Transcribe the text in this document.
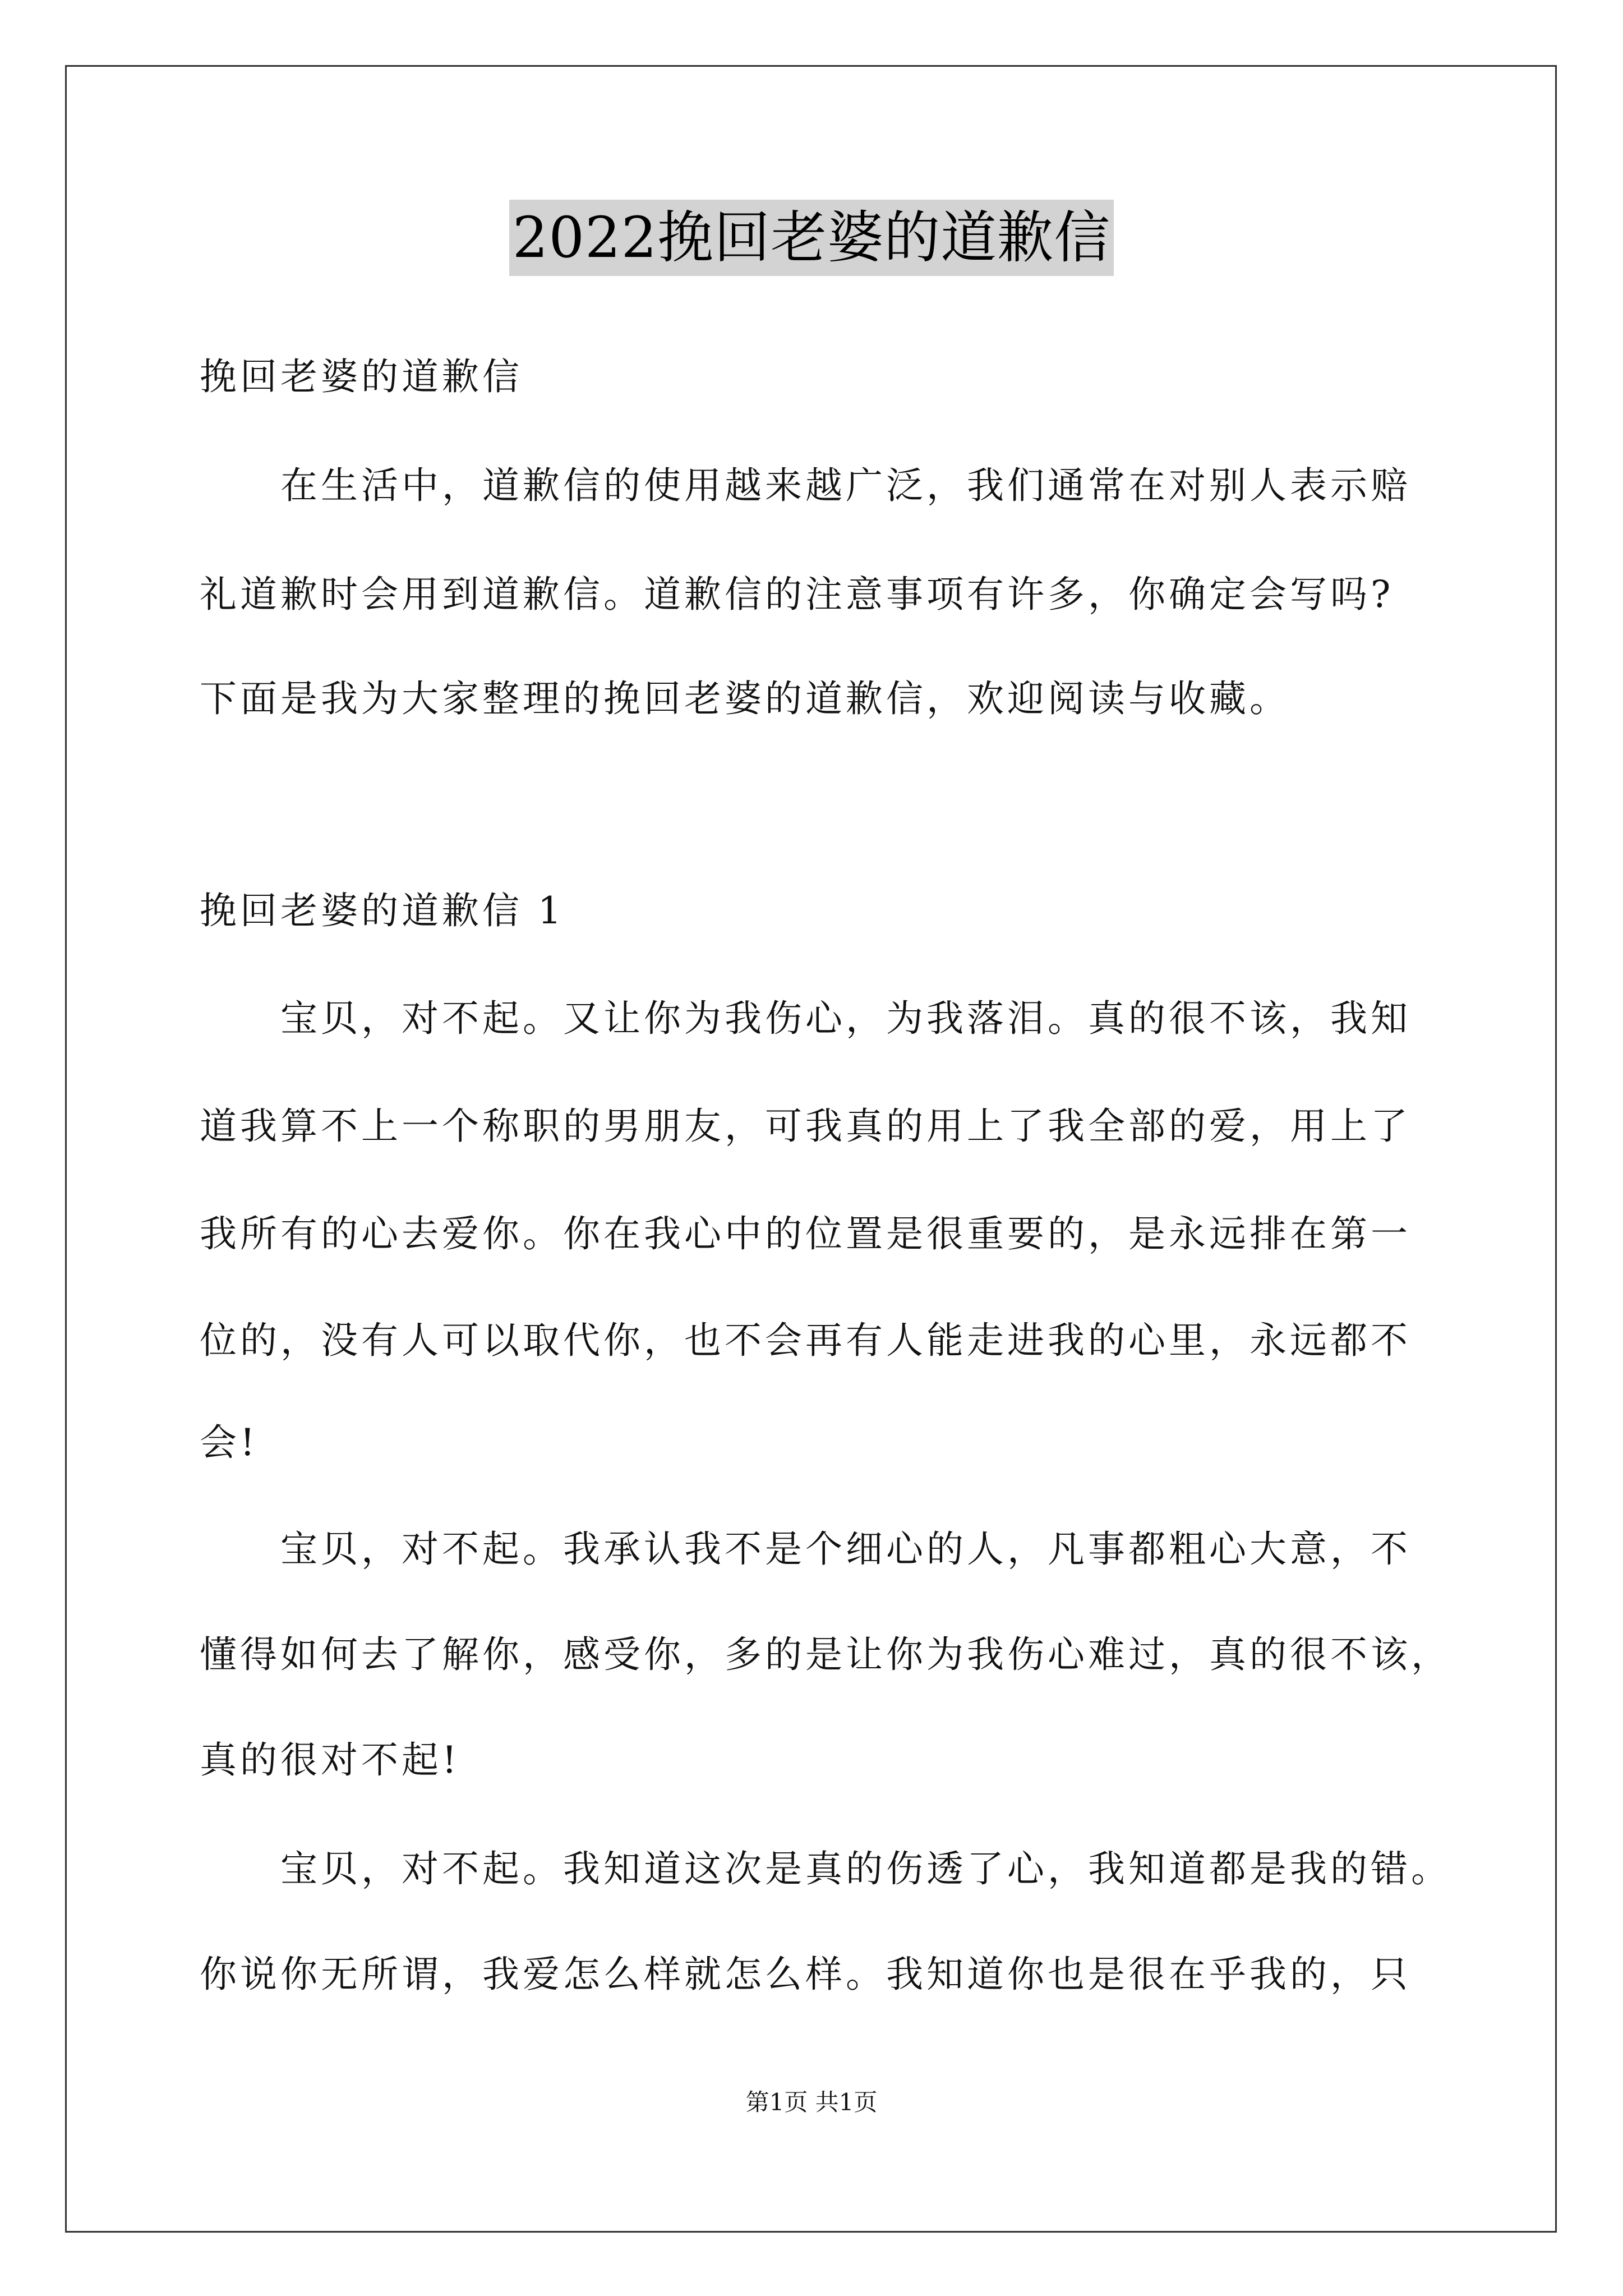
2022挽回老婆的道歉信
挽回老婆的道歉信
在生活中，道歉信的使用越来越广泛，我们通常在对别人表示赔
礼道歉时会用到道歉信。道歉信的注意事项有许多，你确定会写吗?
下面是我为大家整理的挽回老婆的道歉信，欢迎阅读与收藏。
挽回老婆的道歉信 1
宝贝，对不起。又让你为我伤心，为我落泪。真的很不该，我知
道我算不上一个称职的男朋友，可我真的用上了我全部的爱，用上了
我所有的心去爱你。你在我心中的位置是很重要的，是永远排在第一
位的，没有人可以取代你，也不会再有人能走进我的心里，永远都不
会!
宝贝，对不起。我承认我不是个细心的人，凡事都粗心大意，不
懂得如何去了解你，感受你，多的是让你为我伤心难过，真的很不该，
真的很对不起!
宝贝，对不起。我知道这次是真的伤透了心，我知道都是我的错。
你说你无所谓，我爱怎么样就怎么样。我知道你也是很在乎我的，只
第1页 共1页
